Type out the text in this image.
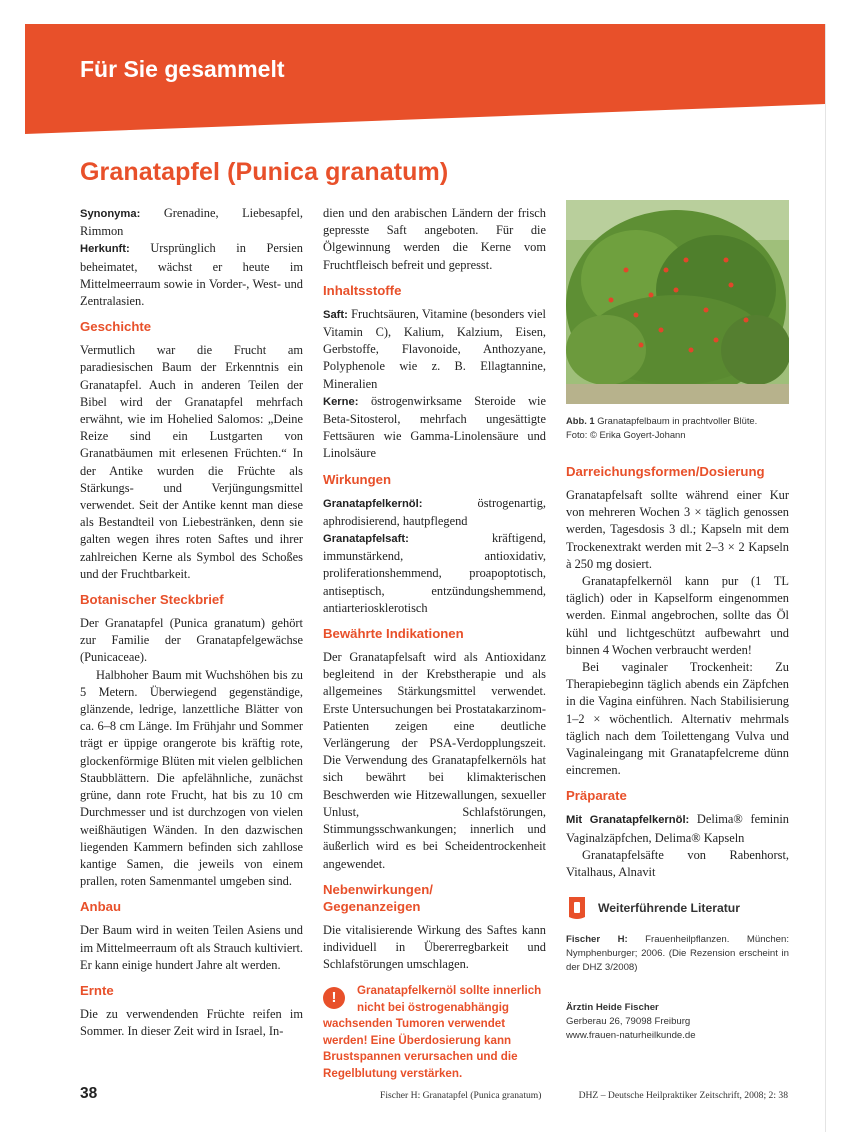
Für Sie gesammelt
Granatapfel (Punica granatum)

Synonyma: Grenadine, Liebesapfel, Rimmon

Herkunft: Ursprünglich in Persien beheimatet, wächst er heute im Mittelmeerraum sowie in Vorder-, West- und Zentralasien.

Geschichte

Vermutlich war die Frucht am paradiesischen Baum der Erkenntnis ein Granatapfel. Auch in anderen Teilen der Bibel wird der Granatapfel mehrfach erwähnt, wie im Hohelied Salomos: „Deine Reize sind ein Lustgarten von Granatbäumen mit erlesenen Früchten.“ In der Antike wurden die Früchte als Stärkungs- und Verjüngungsmittel verwendet. Seit der Antike kennt man diese als Bestandteil von Liebestränken, denn sie galten wegen ihres roten Saftes und ihrer zahlreichen Kerne als Symbol des Schoßes und der Fruchtbarkeit.

Botanischer Steckbrief

Der Granatapfel (Punica granatum) gehört zur Familie der Granatapfelgewächse (Punicaceae).

Halbhoher Baum mit Wuchshöhen bis zu 5 Metern. Überwiegend gegenständige, glänzende, ledrige, lanzettliche Blätter von ca. 6–8 cm Länge. Im Frühjahr und Sommer trägt er üppige orangerote bis kräftig rote, glockenförmige Blüten mit vielen gelblichen Staubblättern. Die apfelähnliche, zunächst grüne, dann rote Frucht, hat bis zu 10 cm Durchmesser und ist durchzogen von vielen weißhäutigen Wänden. In den dazwischen liegenden Kammern befinden sich zahllose kantige Samen, die jeweils von einem prallen, roten Samenmantel umgeben sind.

Anbau

Der Baum wird in weiten Teilen Asiens und im Mittelmeerraum oft als Strauch kultiviert. Er kann einige hundert Jahre alt werden.

Ernte

Die zu verwendenden Früchte reifen im Sommer. In dieser Zeit wird in Israel, In-

dien und den arabischen Ländern der frisch gepresste Saft angeboten. Für die Ölgewinnung werden die Kerne vom Fruchtfleisch befreit und gepresst.

Inhaltsstoffe

Saft: Fruchtsäuren, Vitamine (besonders viel Vitamin C), Kalium, Kalzium, Eisen, Gerbstoffe, Flavonoide, Anthozyane, Polyphenole wie z. B. Ellagtannine, Mineralien

Kerne: östrogenwirksame Steroide wie Beta-Sitosterol, mehrfach ungesättigte Fettsäuren wie Gamma-Linolensäure und Linolsäure

Wirkungen

Granatapfelkernöl: östrogenartig, aphrodisierend, hautpflegend

Granatapfelsaft: kräftigend, immunstärkend, antioxidativ, proliferationshemmend, proapoptotisch, antiseptisch, entzündungshemmend, antiarteriosklerotisch

Bewährte Indikationen

Der Granatapfelsaft wird als Antioxidanz begleitend in der Krebstherapie und als allgemeines Stärkungsmittel verwendet. Erste Untersuchungen bei Prostatakarzinom-Patienten zeigen eine deutliche Verlängerung der PSA-Verdopplungszeit. Die Verwendung des Granatapfelkernöls hat sich bewährt bei klimakterischen Beschwerden wie Hitzewallungen, sexueller Unlust, Schlafstörungen, Stimmungsschwankungen; innerlich und äußerlich wird es bei Scheidentrockenheit angewendet.

Nebenwirkungen/ Gegenanzeigen

Die vitalisierende Wirkung des Saftes kann individuell in Übererregbarkeit und Schlafstörungen umschlagen.

!	Granatapfelkernöl sollte innerlich
nicht bei östrogenabhängig
wachsenden Tumoren verwendet
werden! Eine Überdosierung kann
Brustspannen verursachen und die
Regelblutung verstärken.
Abb. 1 Granatapfelbaum in prachtvoller Blüte.
Foto: © Erika Goyert-Johann
Darreichungsformen/Dosierung

Granatapfelsaft sollte während einer Kur von mehreren Wochen 3 × täglich genossen werden, Tagesdosis 3 dl.; Kapseln mit dem Trockenextrakt werden mit 2–3 × 2 Kapseln à 250 mg dosiert.

Granatapfelkernöl kann pur (1 TL täglich) oder in Kapselform eingenommen werden. Einmal angebrochen, sollte das Öl kühl und lichtgeschützt aufbewahrt und binnen 4 Wochen verbraucht werden!

Bei vaginaler Trockenheit: Zu Therapiebeginn täglich abends ein Zäpfchen in die Vagina einführen. Nach Stabilisierung 1–2 × wöchentlich. Alternativ mehrmals täglich nach dem Toilettengang Vulva und Vaginaleingang mit Granatapfelcreme dünn eincremen.

Präparate

Mit Granatapfelkernöl: Delima® feminin Vaginalzäpfchen, Delima® Kapseln

Granatapfelsäfte von Rabenhorst, Vitalhaus, Alnavit

Weiterführende Literatur

Fischer H: Frauenheilpflanzen. München: Nymphenburger; 2006. (Die Rezension erscheint in der DHZ 3/2008)

Ärztin Heide Fischer
Gerberau 26, 79098 Freiburg
www.frauen-naturheilkunde.de
38	Fischer H: Granatapfel (Punica granatum)	DHZ – Deutsche Heilpraktiker Zeitschrift, 2008; 2: 38
